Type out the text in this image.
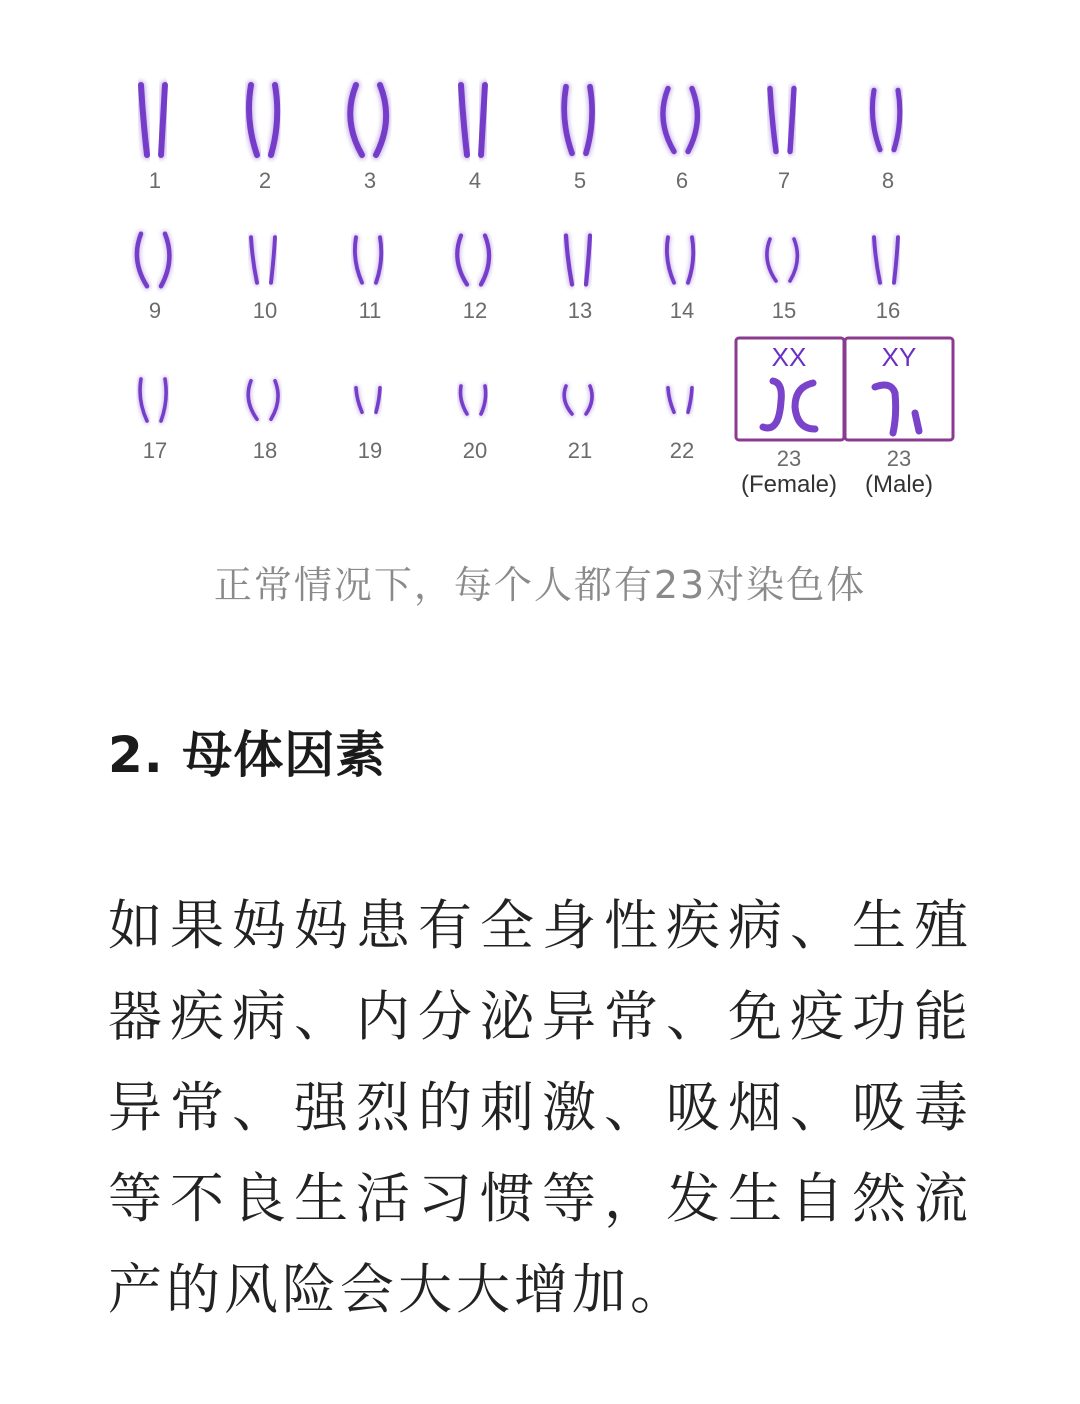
1	2	3	4	5	6	7	8
9	10	11	12	13	14	15	16
17	18	19	20	21	22
XX
23
(Female)
XY
23
(Male)
正常情况下，每个人都有23对染色体
2. 母体因素
如果妈妈患有全身性疾病、生殖器疾病、内分泌异常、免疫功能异常、强烈的刺激、吸烟、吸毒等不良生活习惯等，发生自然流产的风险会大大增加。
